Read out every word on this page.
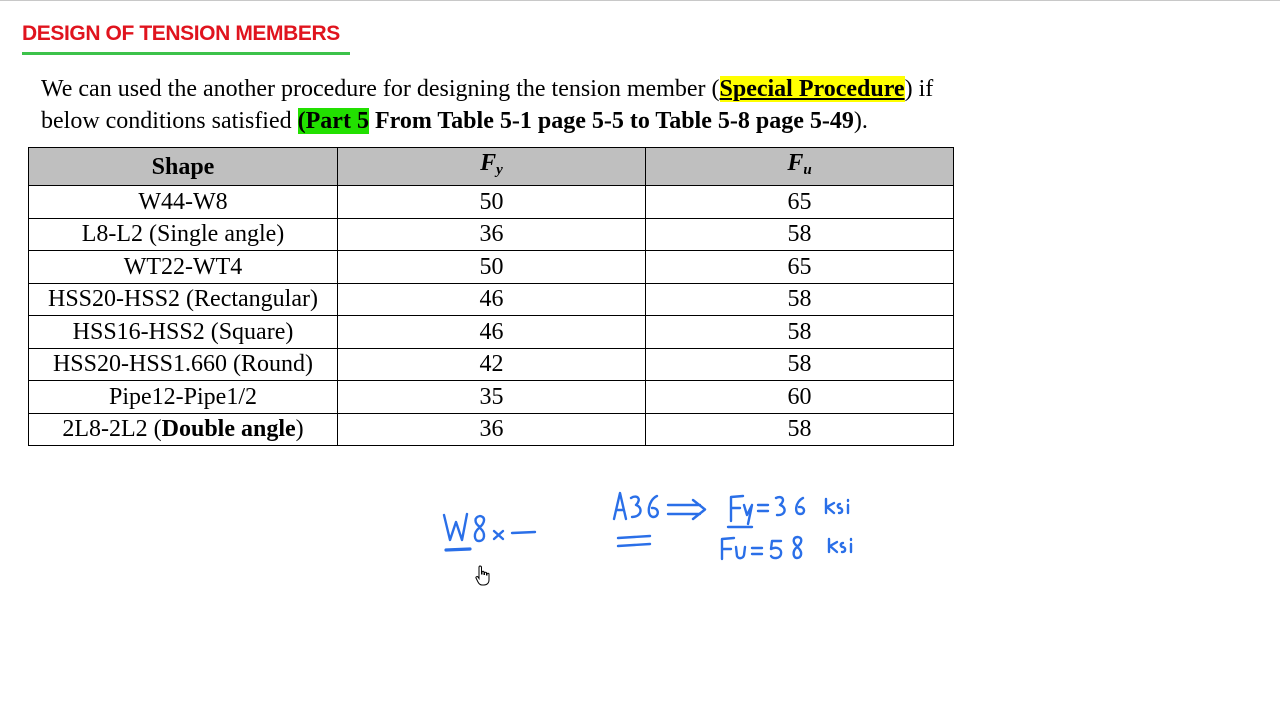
DESIGN OF TENSION MEMBERS
We can used the another procedure for designing the tension member (Special Procedure) if
below conditions satisfied (Part 5 From Table 5-1 page 5-5 to Table 5-8 page 5-49).
Shape	$F_y$	$F_u$
W44-W8	50	65
L8-L2 (Single angle)	36	58
WT22-WT4	50	65
HSS20-HSS2 (Rectangular)	46	58
HSS16-HSS2 (Square)	46	58
HSS20-HSS1.660 (Round)	42	58
Pipe12-Pipe1/2	35	60
2L8-2L2 (Double angle)	36	58
